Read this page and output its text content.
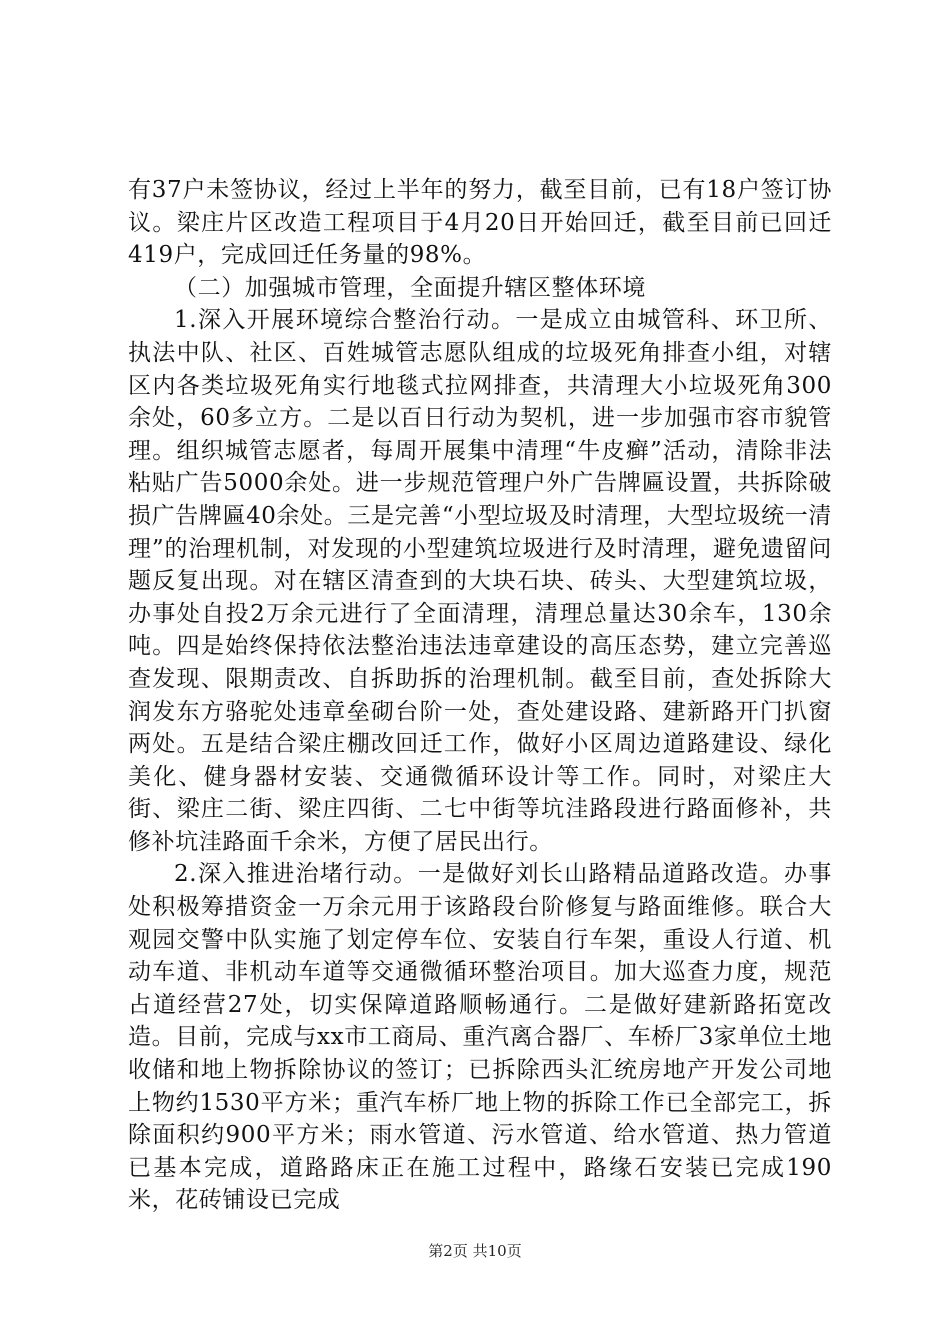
有37户未签协议，经过上半年的努力，截至目前，已有18户签订协议。梁庄片区改造工程项目于4月20日开始回迁，截至目前已回迁419户，完成回迁任务量的98%。

（二）加强城市管理，全面提升辖区整体环境

1.深入开展环境综合整治行动。一是成立由城管科、环卫所、执法中队、社区、百姓城管志愿队组成的垃圾死角排查小组，对辖区内各类垃圾死角实行地毯式拉网排查，共清理大小垃圾死角300余处，60多立方。二是以百日行动为契机，进一步加强市容市貌管理。组织城管志愿者，每周开展集中清理“牛皮癣”活动，清除非法粘贴广告5000余处。进一步规范管理户外广告牌匾设置，共拆除破损广告牌匾40余处。三是完善“小型垃圾及时清理，大型垃圾统一清理”的治理机制，对发现的小型建筑垃圾进行及时清理，避免遗留问题反复出现。对在辖区清查到的大块石块、砖头、大型建筑垃圾，办事处自投2万余元进行了全面清理，清理总量达30余车，130余吨。四是始终保持依法整治违法违章建设的高压态势，建立完善巡查发现、限期责改、自拆助拆的治理机制。截至目前，查处拆除大润发东方骆驼处违章垒砌台阶一处，查处建设路、建新路开门扒窗两处。五是结合梁庄棚改回迁工作，做好小区周边道路建设、绿化美化、健身器材安装、交通微循环设计等工作。同时，对梁庄大街、梁庄二街、梁庄四街、二七中街等坑洼路段进行路面修补，共修补坑洼路面千余米，方便了居民出行。

2.深入推进治堵行动。一是做好刘长山路精品道路改造。办事处积极筹措资金一万余元用于该路段台阶修复与路面维修。联合大观园交警中队实施了划定停车位、安装自行车架，重设人行道、机动车道、非机动车道等交通微循环整治项目。加大巡查力度，规范占道经营27处，切实保障道路顺畅通行。二是做好建新路拓宽改造。目前，完成与xx市工商局、重汽离合器厂、车桥厂3家单位土地收储和地上物拆除协议的签订；已拆除西头汇统房地产开发公司地上物约1530平方米；重汽车桥厂地上物的拆除工作已全部完工，拆除面积约900平方米；雨水管道、污水管道、给水管道、热力管道已基本完成，道路路床正在施工过程中，路缘石安装已完成190米，花砖铺设已完成

第2页 共10页
